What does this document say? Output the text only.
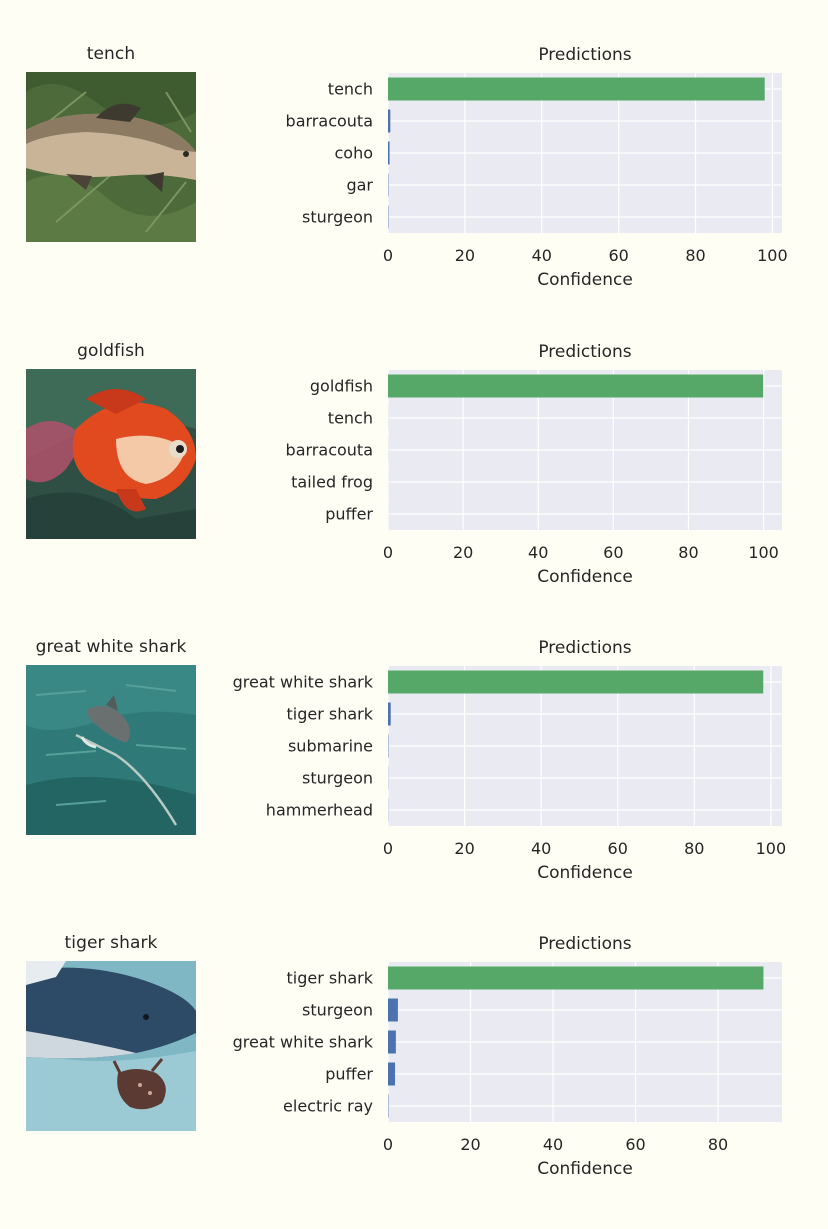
tench
tench
barracouta
coho
gar
sturgeon
0	20	40	60	80	100
Predictions
Confidence
goldfish
goldfish
tench
barracouta
tailed frog
puffer
0	20	40	60	80	100
Predictions
Confidence
great white shark
great white shark
tiger shark
submarine
sturgeon
hammerhead
0	20	40	60	80	100
Predictions
Confidence
tiger shark
tiger shark
sturgeon
great white shark
puffer
electric ray
0	20	40	60	80
Predictions
Confidence
